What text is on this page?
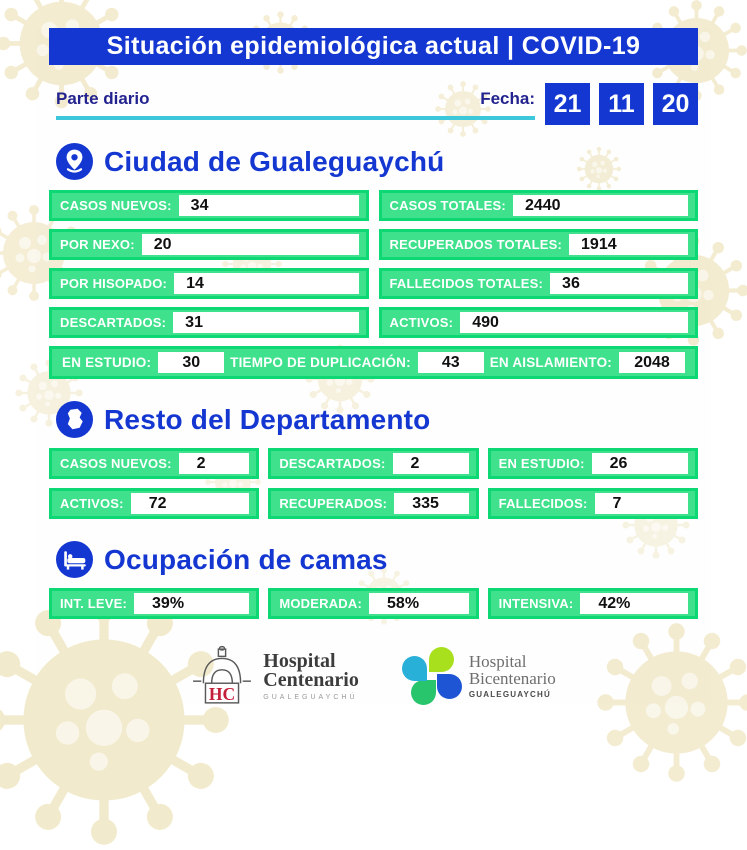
Situación epidemiológica actual | COVID-19
Parte diario	Fecha: 21	11	20
Ciudad de Gualeguaychú
CASOS NUEVOS:	34	CASOS TOTALES:	2440
POR NEXO:	20	RECUPERADOS TOTALES:	1914
POR HISOPADO:	14	FALLECIDOS TOTALES:	36
DESCARTADOS:	31	ACTIVOS:	490
EN ESTUDIO:	30	TIEMPO DE DUPLICACIÓN:	43	EN AISLAMIENTO:	2048
Resto del Departamento
CASOS NUEVOS:	2	DESCARTADOS:	2	EN ESTUDIO:	26
ACTIVOS:	72	RECUPERADOS:	335	FALLECIDOS:	7
Ocupación de camas
INT. LEVE:	39%	MODERADA:	58%	INTENSIVA:	42%
HC
Hospital
Centenario
GUALEGUAYCHÚ
Hospital
Bicentenario
GUALEGUAYCHÚ
